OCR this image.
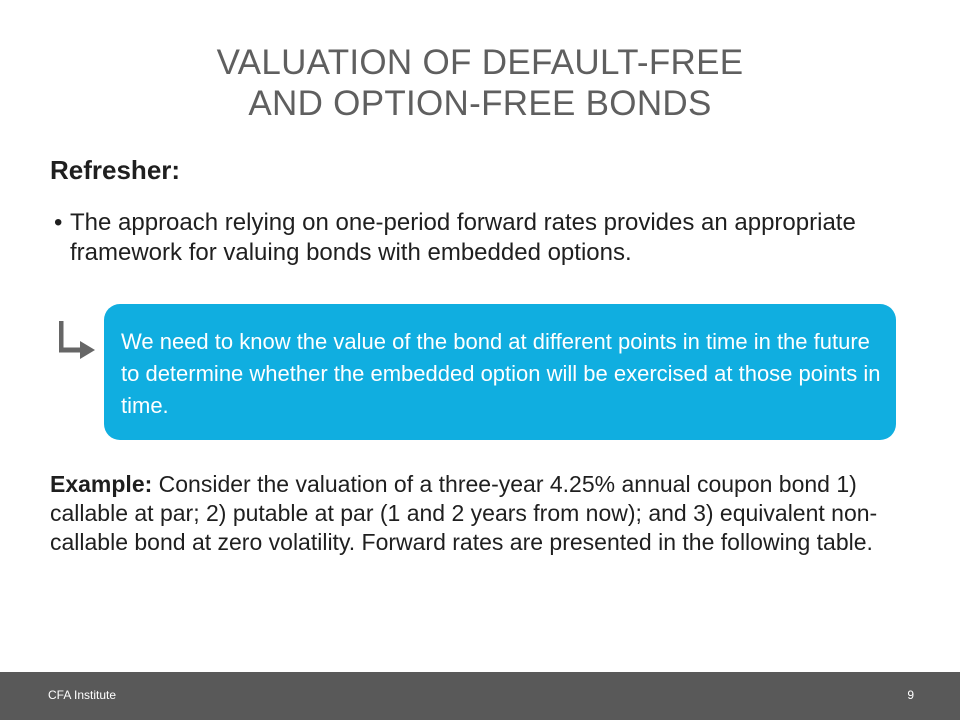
VALUATION OF DEFAULT-FREE
AND OPTION-FREE BONDS
Refresher:
• The approach relying on one-period forward rates provides an appropriate framework for valuing bonds with embedded options.
We need to know the value of the bond at different points in time in the future to determine whether the embedded option will be exercised at those points in time.
Example: Consider the valuation of a three-year 4.25% annual coupon bond 1) callable at par; 2) putable at par (1 and 2 years from now); and 3) equivalent non-callable bond at zero volatility. Forward rates are presented in the following table.
CFA Institute	9
